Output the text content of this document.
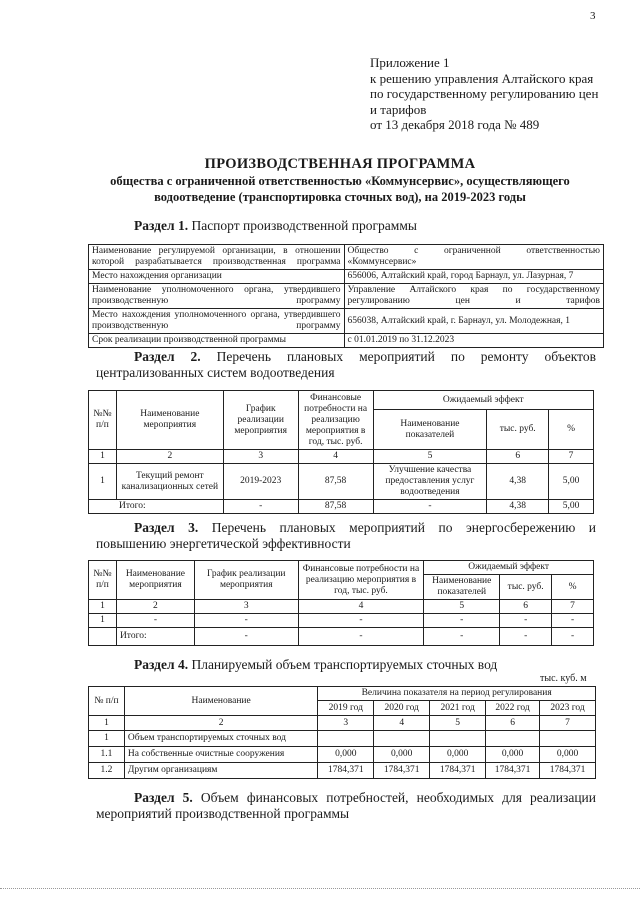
3
Приложение 1
к решению управления Алтайского края
по государственному регулированию цен
и тарифов
от 13 декабря 2018 года № 489
ПРОИЗВОДСТВЕННАЯ ПРОГРАММА
общества с ограниченной ответственностью «Коммунсервис», осуществляющего
водоотведение (транспортировка сточных вод), на 2019-2023 годы
Раздел 1. Паспорт производственной программы
Наименование регулируемой организации, в отношении которой разрабатывается производственная программа	Общество с ограниченной ответственностью «Коммунсервис»
Место нахождения организации	656006, Алтайский край, город Барнаул, ул. Лазурная, 7
Наименование уполномоченного органа, утвердившего производственную программу	Управление Алтайского края по государственному регулированию цен и тарифов
Место нахождения уполномоченного органа, утвердившего производственную программу	656038, Алтайский край, г. Барнаул, ул. Молодежная, 1
Срок реализации производственной программы	с 01.01.2019 по 31.12.2023
Раздел 2. Перечень плановых мероприятий по ремонту объектов централизованных систем водоотведения
№№ п/п	Наименование мероприятия	График реализации мероприятия	Финансовые потребности на реализацию мероприятия в год, тыс. руб.	Ожидаемый эффект		
				Наименование показателей	тыс. руб.	%
1	2	3	4	5	6	7
1	Текущий ремонт канализационных сетей	2019-2023	87,58	Улучшение качества предоставления услуг водоотведения	4,38	5,00
Итого:		-	87,58	-	4,38	5,00
Раздел 3. Перечень плановых мероприятий по энергосбережению и повышению энергетической эффективности
№№ п/п	Наименование мероприятия	График реализации мероприятия	Финансовые потребности на реализацию мероприятия в год, тыс. руб.	Ожидаемый эффект		
				Наименование показателей	тыс. руб.	%
1	2	3	4	5	6	7
1	-	-	-	-	-	-
	Итого:	-	-	-	-	-
Раздел 4. Планируемый объем транспортируемых сточных вод
тыс. куб. м
№ п/п	Наименование	Величина показателя на период регулирования				
		2019 год	2020 год	2021 год	2022 год	2023 год
1	2	3	4	5	6	7
1	Объем транспортируемых сточных вод					
1.1	На собственные очистные сооружения	0,000	0,000	0,000	0,000	0,000
1.2	Другим организациям	1784,371	1784,371	1784,371	1784,371	1784,371
Раздел 5. Объем финансовых потребностей, необходимых для реализации
мероприятий производственной программы
